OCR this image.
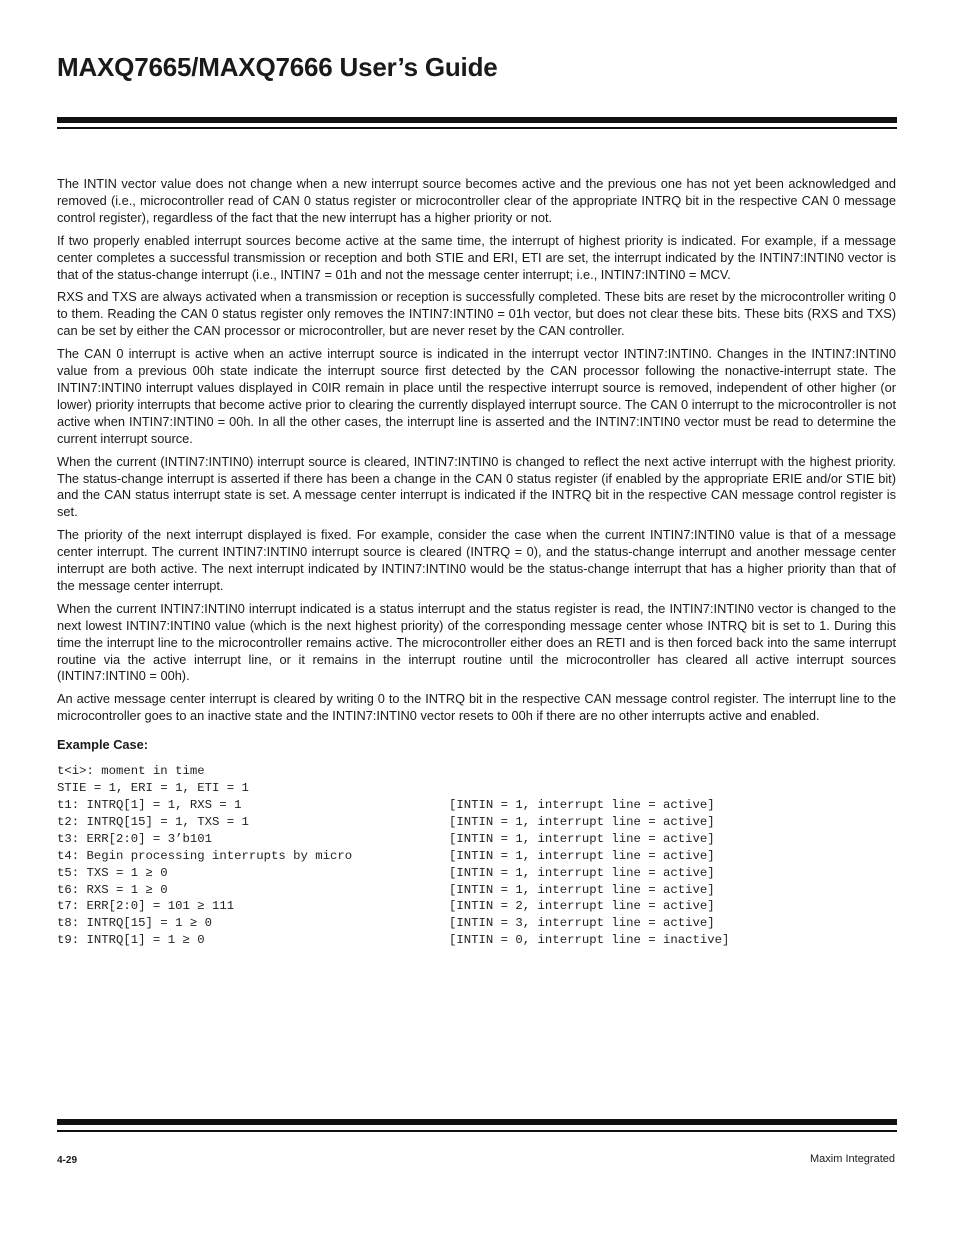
MAXQ7665/MAXQ7666 User’s Guide

The INTIN vector value does not change when a new interrupt source becomes active and the previous one has not yet been acknowledged and removed (i.e., microcontroller read of CAN 0 status register or microcontroller clear of the appropriate INTRQ bit in the respective CAN 0 message control register), regardless of the fact that the new interrupt has a higher priority or not.

If two properly enabled interrupt sources become active at the same time, the interrupt of highest priority is indicated. For example, if a message center completes a successful transmission or reception and both STIE and ERI, ETI are set, the interrupt indicated by the INTIN7:INTIN0 vector is that of the status-change interrupt (i.e., INTIN7 = 01h and not the message center interrupt; i.e., INTIN7:INTIN0 = MCV.

RXS and TXS are always activated when a transmission or reception is successfully completed. These bits are reset by the microcontroller writing 0 to them. Reading the CAN 0 status register only removes the INTIN7:INTIN0 = 01h vector, but does not clear these bits. These bits (RXS and TXS) can be set by either the CAN processor or microcontroller, but are never reset by the CAN controller.

The CAN 0 interrupt is active when an active interrupt source is indicated in the interrupt vector INTIN7:INTIN0. Changes in the INTIN7:INTIN0 value from a previous 00h state indicate the interrupt source first detected by the CAN processor following the nonactive-interrupt state. The INTIN7:INTIN0 interrupt values displayed in C0IR remain in place until the respective interrupt source is removed, independent of other higher (or lower) priority interrupts that become active prior to clearing the currently displayed interrupt source. The CAN 0 interrupt to the microcontroller is not active when INTIN7:INTIN0 = 00h. In all the other cases, the interrupt line is asserted and the INTIN7:INTIN0 vector must be read to determine the current interrupt source.

When the current (INTIN7:INTIN0) interrupt source is cleared, INTIN7:INTIN0 is changed to reflect the next active interrupt with the highest priority. The status-change interrupt is asserted if there has been a change in the CAN 0 status register (if enabled by the appropriate ERIE and/or STIE bit) and the CAN status interrupt state is set. A message center interrupt is indicated if the INTRQ bit in the respective CAN message control register is set.

The priority of the next interrupt displayed is fixed. For example, consider the case when the current INTIN7:INTIN0 value is that of a message center interrupt. The current INTIN7:INTIN0 interrupt source is cleared (INTRQ = 0), and the status-change interrupt and another message center interrupt are both active. The next interrupt indicated by INTIN7:INTIN0 would be the status-change interrupt that has a higher priority than that of the message center interrupt.

When the current INTIN7:INTIN0 interrupt indicated is a status interrupt and the status register is read, the INTIN7:INTIN0 vector is changed to the next lowest INTIN7:INTIN0 value (which is the next highest priority) of the corresponding message center whose INTRQ bit is set to 1. During this time the interrupt line to the microcontroller remains active. The microcontroller either does an RETI and is then forced back into the same interrupt routine via the active interrupt line, or it remains in the interrupt routine until the microcontroller has cleared all active interrupt sources (INTIN7:INTIN0 = 00h).

An active message center interrupt is cleared by writing 0 to the INTRQ bit in the respective CAN message control register. The interrupt line to the microcontroller goes to an inactive state and the INTIN7:INTIN0 vector resets to 00h if there are no other interrupts active and enabled.

Example Case:
t<i>: moment in time
STIE = 1, ERI = 1, ETI = 1
t1: INTRQ[1] = 1, RXS = 1	[INTIN = 1, interrupt line = active]
t2: INTRQ[15] = 1, TXS = 1	[INTIN = 1, interrupt line = active]
t3: ERR[2:0] = 3’b101	[INTIN = 1, interrupt line = active]
t4: Begin processing interrupts by micro	[INTIN = 1, interrupt line = active]
t5: TXS = 1 ≥ 0	[INTIN = 1, interrupt line = active]
t6: RXS = 1 ≥ 0	[INTIN = 1, interrupt line = active]
t7: ERR[2:0] = 101 ≥ 111	[INTIN = 2, interrupt line = active]
t8: INTRQ[15] = 1 ≥ 0	[INTIN = 3, interrupt line = active]
t9: INTRQ[1] = 1 ≥ 0	[INTIN = 0, interrupt line = inactive]
4-29	Maxim Integrated
